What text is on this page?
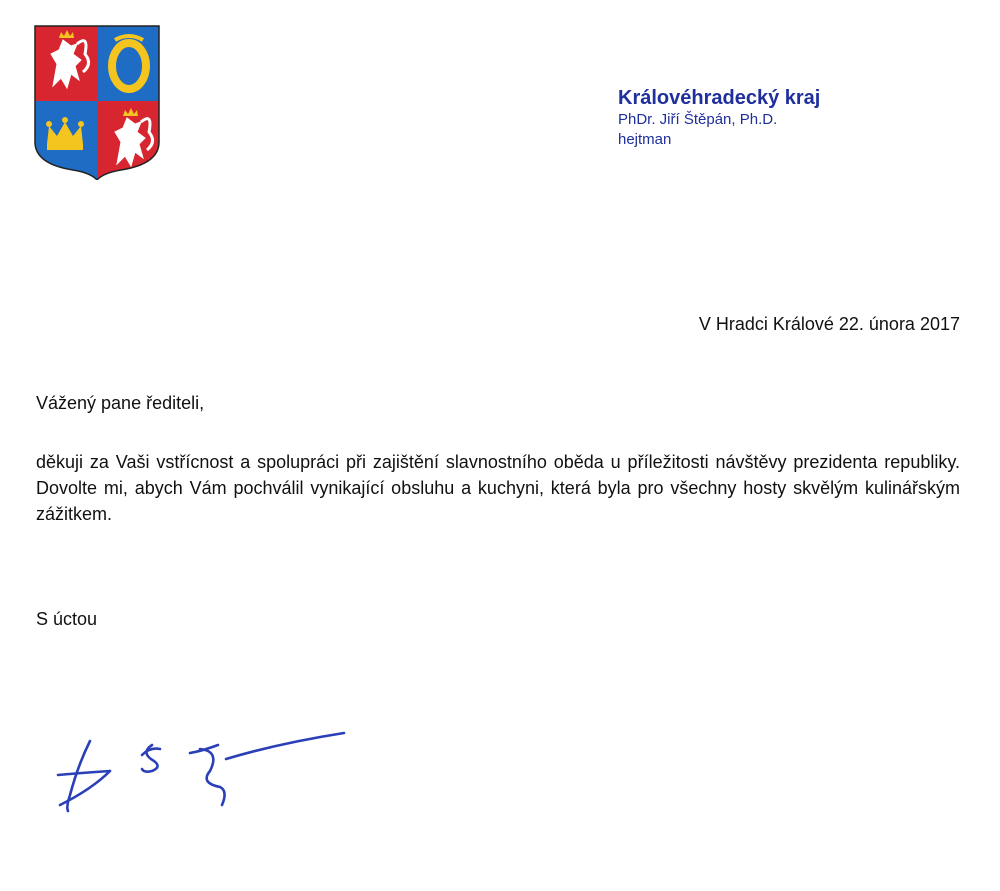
Královéhradecký kraj
PhDr. Jiří Štěpán, Ph.D.
hejtman
V Hradci Králové 22. února 2017
Vážený pane řediteli,

děkuji za Vaši vstřícnost a spolupráci při zajištění slavnostního oběda u příležitosti návštěvy prezidenta republiky. Dovolte mi, abych Vám pochválil vynikající obsluhu a kuchyni, která byla pro všechny hosty skvělým kulinářským zážitkem.

S úctou
